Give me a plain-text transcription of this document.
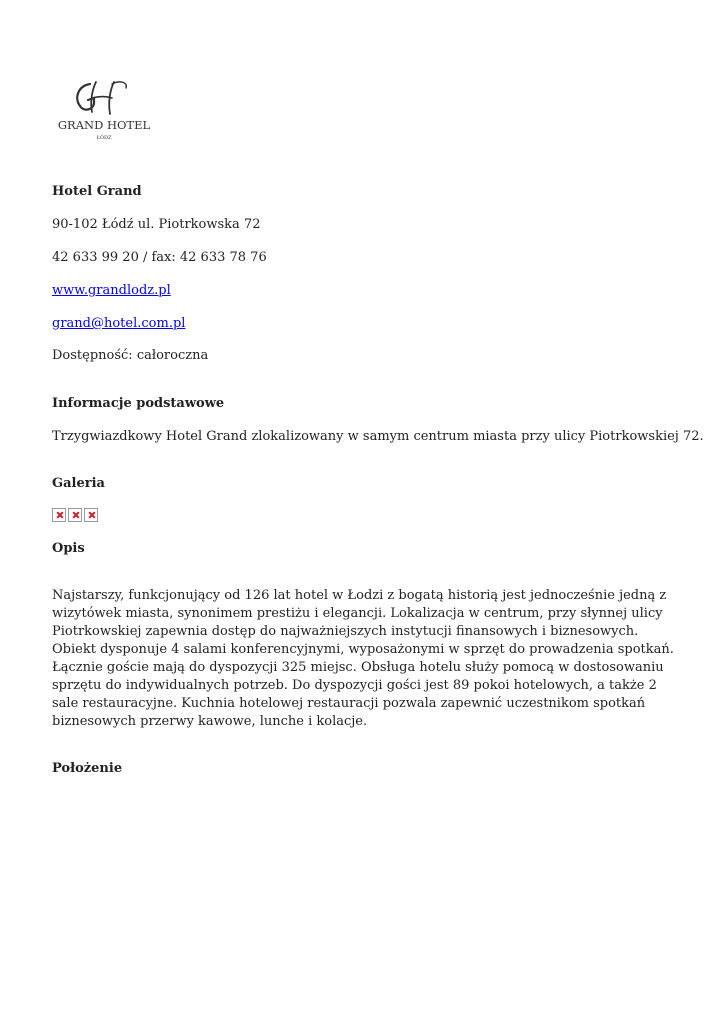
GRAND HOTEL
ŁÓDŹ
Hotel Grand
90-102 Łódź ul. Piotrkowska 72
42 633 99 20 / fax: 42 633 78 76
www.grandlodz.pl
grand@hotel.com.pl
Dostępność: całoroczna
Informacje podstawowe
Trzygwiazdkowy Hotel Grand zlokalizowany w samym centrum miasta przy ulicy Piotrkowskiej 72.
Galeria
Opis
Najstarszy, funkcjonujący od 126 lat hotel w Łodzi z bogatą historią jest jednocześnie jedną z wizytówek miasta, synonimem prestiżu i elegancji. Lokalizacja w centrum, przy słynnej ulicy Piotrkowskiej zapewnia dostęp do najważniejszych instytucji finansowych i biznesowych. Obiekt dysponuje 4 salami konferencyjnymi, wyposażonymi w sprzęt do prowadzenia spotkań. Łącznie goście mają do dyspozycji 325 miejsc. Obsługa hotelu służy pomocą w dostosowaniu sprzętu do indywidualnych potrzeb. Do dyspozycji gości jest 89 pokoi hotelowych, a także 2 sale restauracyjne. Kuchnia hotelowej restauracji pozwala zapewnić uczestnikom spotkań biznesowych przerwy kawowe, lunche i kolacje.
Położenie
